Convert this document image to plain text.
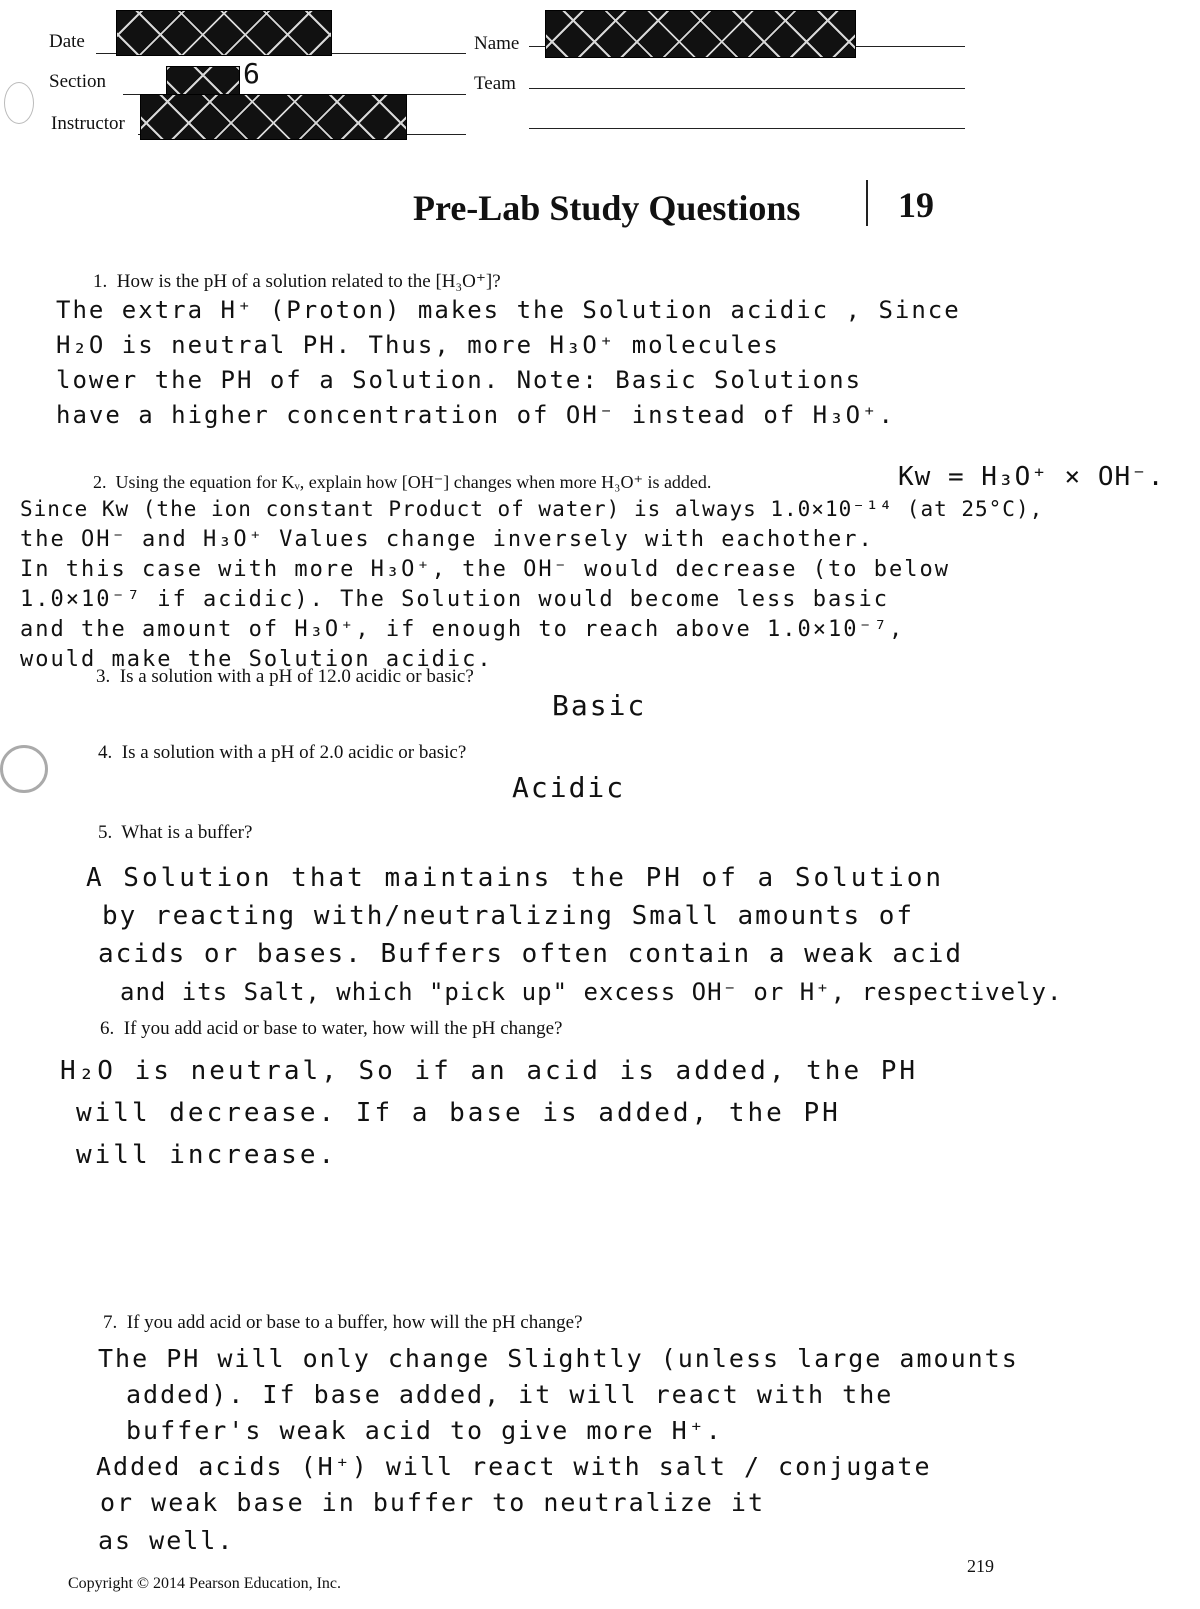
Date
Section	6
Instructor
Name
Team
Pre-Lab Study Questions	19
1.  How is the pH of a solution related to the [H₃O⁺]?
The extra H⁺ (Proton) makes the Solution acidic , Since
H₂O is neutral PH. Thus, more H₃O⁺ molecules
lower the PH of a Solution. Note: Basic Solutions
have a higher concentration of OH⁻ instead of H₃O⁺.
2.  Using the equation for Kᵥ, explain how [OH⁻] changes when more H₃O⁺ is added.	Kw = H₃O⁺ × OH⁻.
Since Kw (the ion constant Product of water) is always 1.0×10⁻¹⁴ (at 25°C),
the OH⁻ and H₃O⁺ Values change inversely with eachother.
In this case with more H₃O⁺, the OH⁻ would decrease (to below
1.0×10⁻⁷ if acidic). The Solution would become less basic
and the amount of H₃O⁺, if enough to reach above 1.0×10⁻⁷,
would make the Solution acidic.
3.  Is a solution with a pH of 12.0 acidic or basic?
Basic
4.  Is a solution with a pH of 2.0 acidic or basic?
Acidic
5.  What is a buffer?
A Solution that maintains the PH of a Solution
by reacting with/neutralizing Small amounts of
acids or bases. Buffers often contain a weak acid
and its Salt, which "pick up" excess OH⁻ or H⁺, respectively.
6.  If you add acid or base to water, how will the pH change?
H₂O is neutral, So if an acid is added, the PH
will decrease. If a base is added, the PH
will increase.
7.  If you add acid or base to a buffer, how will the pH change?
The PH will only change Slightly (unless large amounts
added). If base added, it will react with the
buffer's weak acid to give more H⁺.
Added acids (H⁺) will react with salt / conjugate
or weak base in buffer to neutralize it
as well.
219
Copyright © 2014 Pearson Education, Inc.
